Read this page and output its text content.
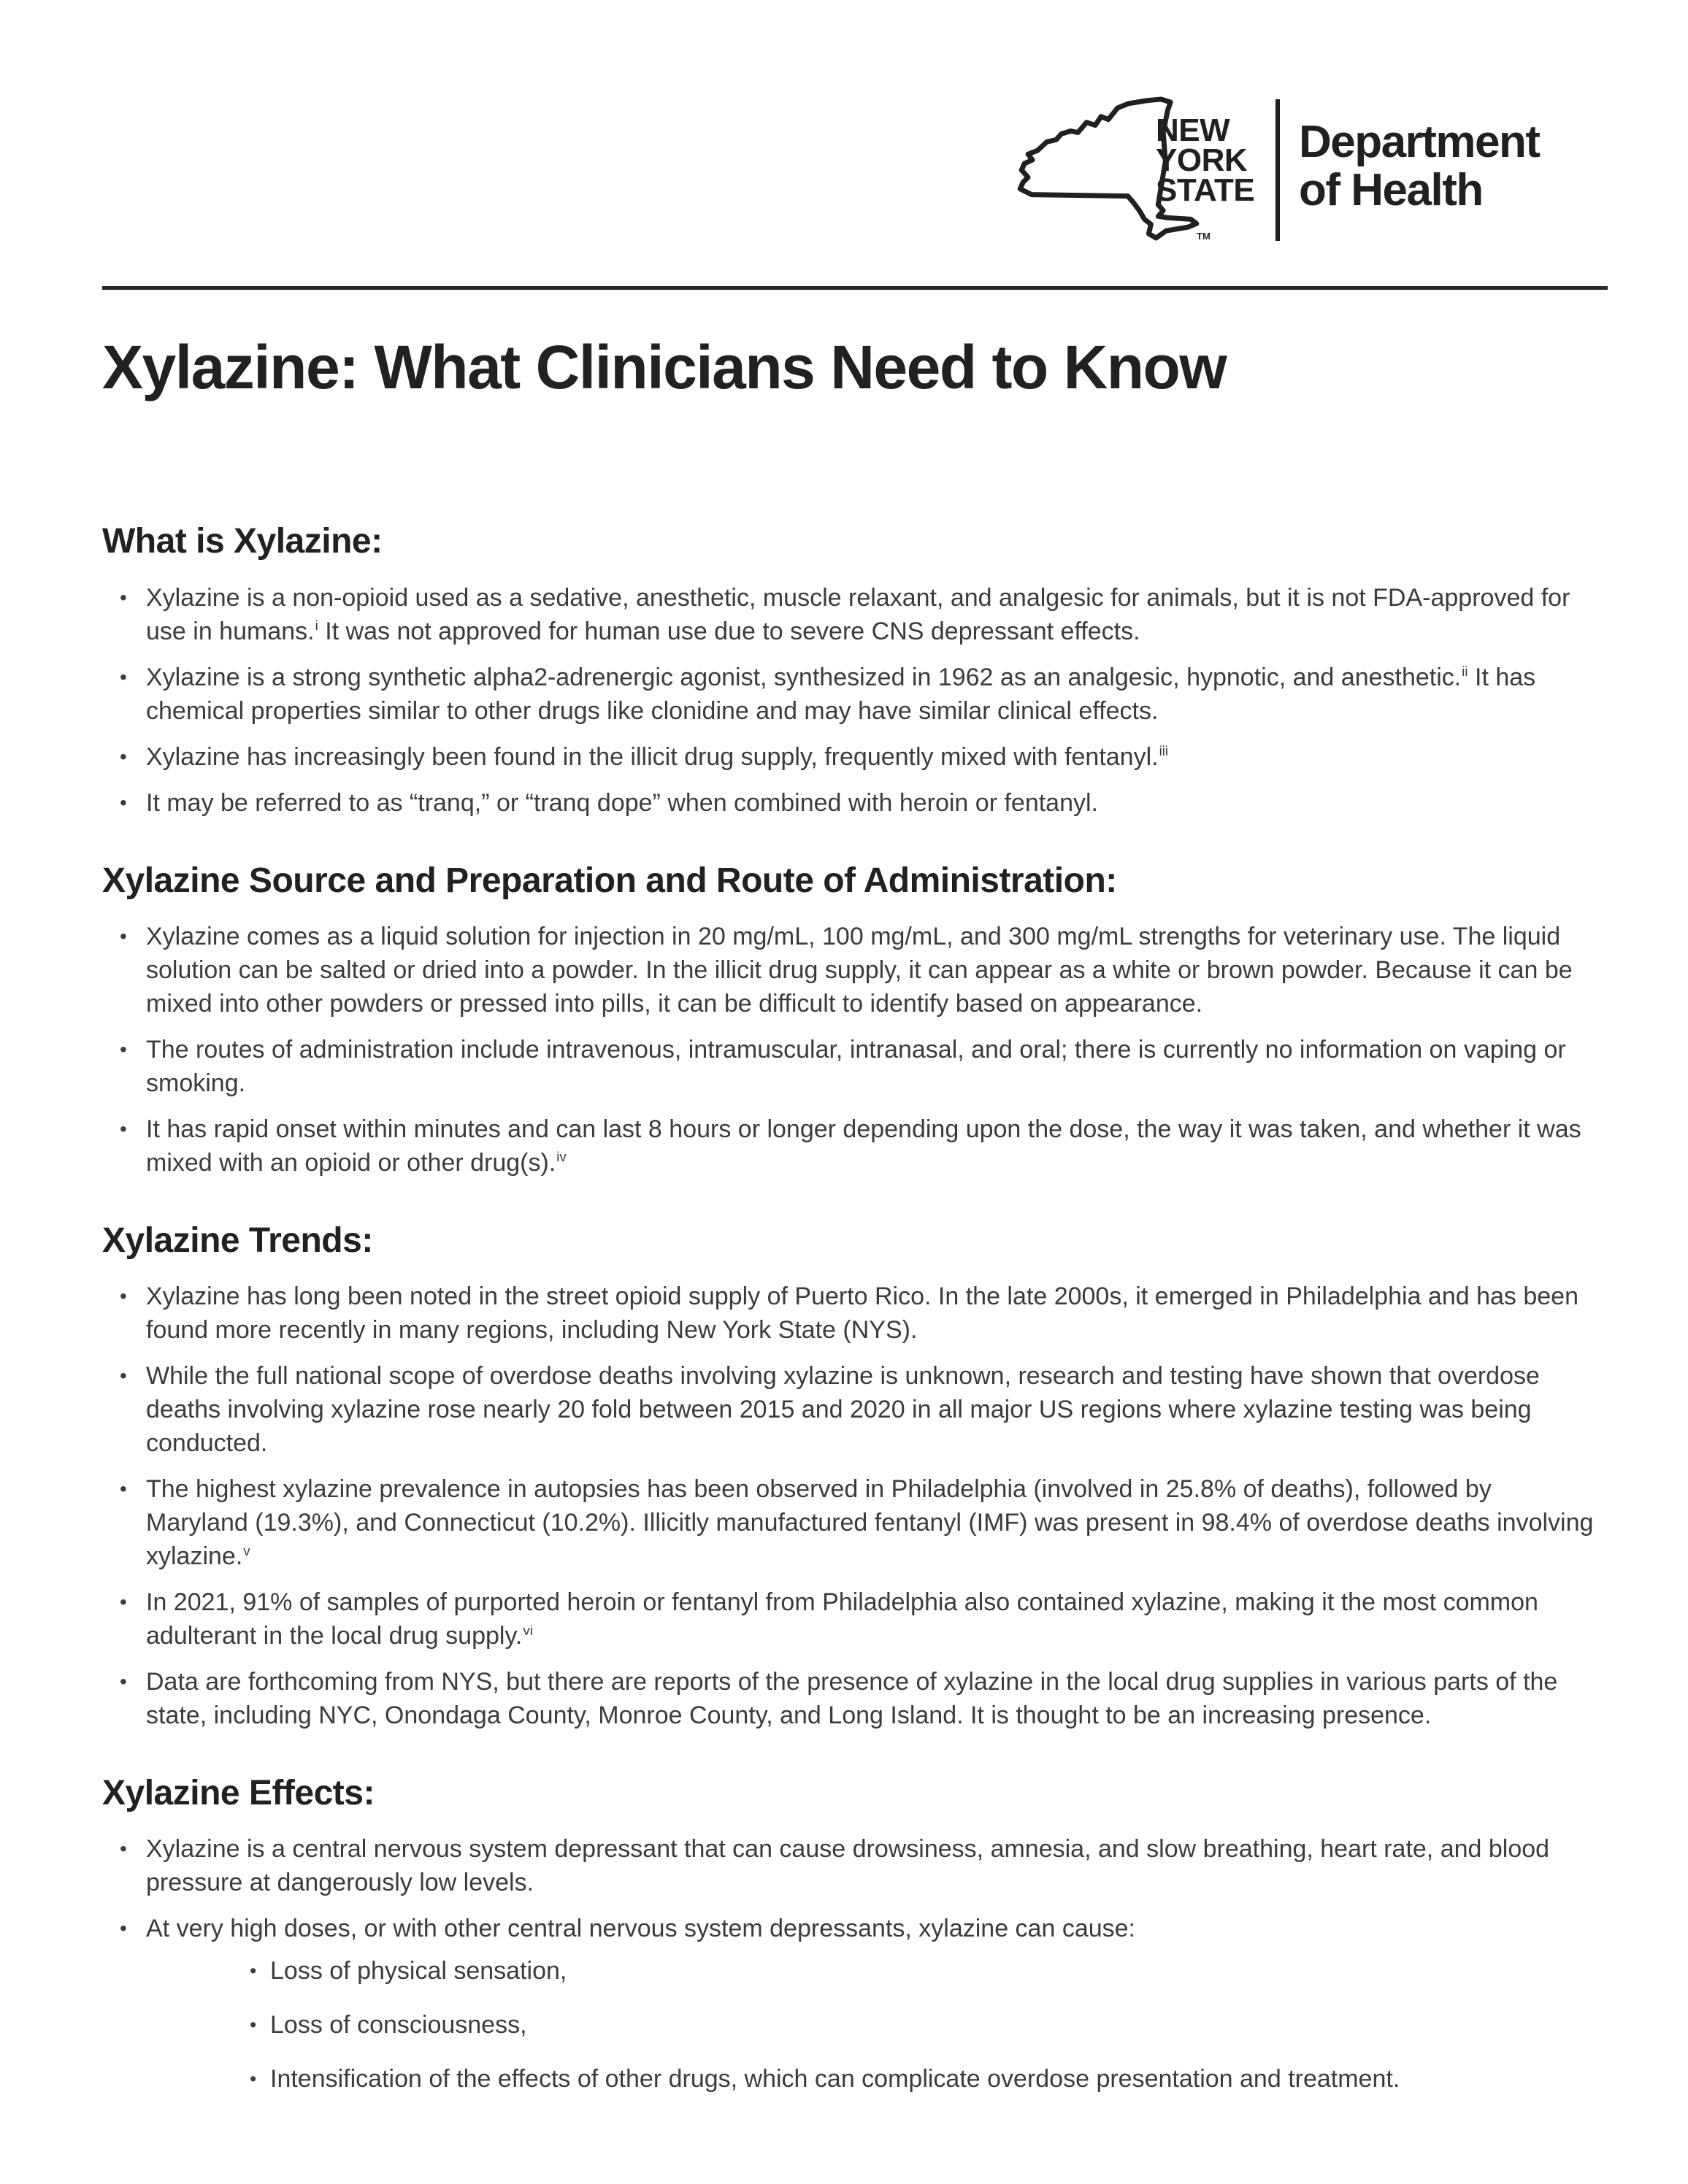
NEW
YORK
STATE
TM
Department
of Health
Xylazine: What Clinicians Need to Know
What is Xylazine:
• Xylazine is a non-opioid used as a sedative, anesthetic, muscle relaxant, and analgesic for animals, but it is not FDA-approved for use in humans.$^i$ It was not approved for human use due to severe CNS depressant effects.
• Xylazine is a strong synthetic alpha2-adrenergic agonist, synthesized in 1962 as an analgesic, hypnotic, and anesthetic.$^{ii}$ It has chemical properties similar to other drugs like clonidine and may have similar clinical effects.
• Xylazine has increasingly been found in the illicit drug supply, frequently mixed with fentanyl.$^{iii}$
• It may be referred to as “tranq,” or “tranq dope” when combined with heroin or fentanyl.
Xylazine Source and Preparation and Route of Administration:
• Xylazine comes as a liquid solution for injection in 20 mg/mL, 100 mg/mL, and 300 mg/mL strengths for veterinary use. The liquid solution can be salted or dried into a powder. In the illicit drug supply, it can appear as a white or brown powder. Because it can be mixed into other powders or pressed into pills, it can be difficult to identify based on appearance.
• The routes of administration include intravenous, intramuscular, intranasal, and oral; there is currently no information on vaping or smoking.
• It has rapid onset within minutes and can last 8 hours or longer depending upon the dose, the way it was taken, and whether it was mixed with an opioid or other drug(s).$^{iv}$
Xylazine Trends:
• Xylazine has long been noted in the street opioid supply of Puerto Rico. In the late 2000s, it emerged in Philadelphia and has been found more recently in many regions, including New York State (NYS).
• While the full national scope of overdose deaths involving xylazine is unknown, research and testing have shown that overdose deaths involving xylazine rose nearly 20 fold between 2015 and 2020 in all major US regions where xylazine testing was being conducted.
• The highest xylazine prevalence in autopsies has been observed in Philadelphia (involved in 25.8% of deaths), followed by Maryland (19.3%), and Connecticut (10.2%). Illicitly manufactured fentanyl (IMF) was present in 98.4% of overdose deaths involving xylazine.$^v$
• In 2021, 91% of samples of purported heroin or fentanyl from Philadelphia also contained xylazine, making it the most common adulterant in the local drug supply.$^{vi}$
• Data are forthcoming from NYS, but there are reports of the presence of xylazine in the local drug supplies in various parts of the state, including NYC, Onondaga County, Monroe County, and Long Island. It is thought to be an increasing presence.
Xylazine Effects:
• Xylazine is a central nervous system depressant that can cause drowsiness, amnesia, and slow breathing, heart rate, and blood pressure at dangerously low levels.
• At very high doses, or with other central nervous system depressants, xylazine can cause:
• Loss of physical sensation,
• Loss of consciousness,
• Intensification of the effects of other drugs, which can complicate overdose presentation and treatment.
